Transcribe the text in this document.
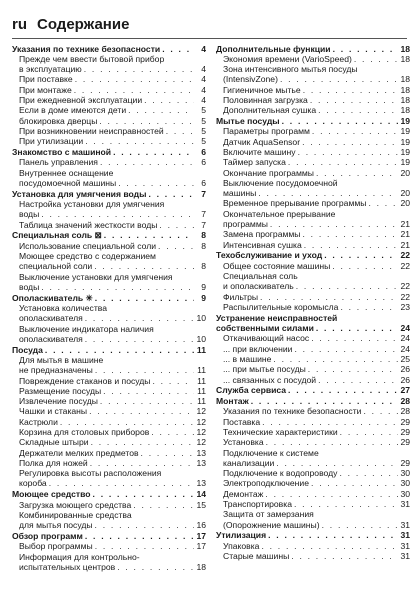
ru Содержание
Указания по технике безопасности . . .	4
Прежде чем ввести бытовой прибор
в эксплуатацию . . .	4
При поставке . . .	4
При монтаже . . .	4
При ежедневной эксплуатации . . .	4
Если в доме имеются дети . . .	5
блокировка дверцы . . .	5
При возникновении неисправностей . . .	5
При утилизации . . .	5
Знакомство с машиной . . .	6
Панель управления . . .	6
Внутреннее оснащение
посудомоечной машины . . .	6
Установка для умягчения воды . . .	7
Настройка установки для умягчения
воды . . .	7
Таблица значений жесткости воды . . .	7
Специальная соль ⊠ . . .	8
Использование специальной соли . . .	8
Моющее средство с содержанием
специальной соли . . .	8
Выключение установки для умягчения
воды . . .	9
Ополаскиватель ✳ . . .	9
Установка количества
ополаскивателя . . .	10
Выключение индикатора наличия
ополаскивателя . . .	10
Посуда . . .	11
Для мытья в машине
не предназначены . . .	11
Повреждение стаканов и посуды . . .	11
Размещение посуды . . .	11
Извлечение посуды . . .	11
Чашки и стаканы . . .	12
Кастрюли . . .	12
Корзина для столовых приборов . . .	12
Складные штыри . . .	12
Держатели мелких предметов . . .	13
Полка для ножей . . .	13
Регулировка высоты расположения
короба . . .	13
Моющее средство . . .	14
Загрузка моющего средства . . .	15
Комбинированные средства
для мытья посуды . . .	16
Обзор программ . . .	17
Выбор программы . . .	17
Информация для контрольно-
испытательных центров . . .	18
Дополнительные функции . . .	18
Экономия времени (VarioSpeed) . . .	18
Зона интенсивного мытья посуды
(IntensivZone) . . .	18
Гигиеничное мытье . . .	18
Половинная загрузка . . .	18
Дополнительная сушка . . .	18
Мытье посуды . . .	19
Параметры программ . . .	19
Датчик AquaSensor . . .	19
Включите машину . . .	19
Таймер запуска . . .	19
Окончание программы . . .	20
Выключение посудомоечной
машины . . .	20
Временное прерывание программы . . .	20
Окончательное прерывание
программы . . .	21
Замена программы . . .	21
Интенсивная сушка . . .	21
Техобслуживание и уход . . .	22
Общее состояние машины . . .	22
Специальная соль
и ополаскиватель . . .	22
Фильтры . . .	22
Распылительные коромысла . . .	23
Устранение неисправностей
собственными силами . . .	24
Откачивающий насос . . .	24
... при включении . . .	24
... в машине . . .	25
... при мытье посуды . . .	26
... связанных с посудой . . .	26
Служба сервиса . . .	27
Монтаж . . .	28
Указания по технике безопасности . . .	28
Поставка . . .	29
Технические характеристики . . .	29
Установка . . .	29
Подключение к системе
канализации . . .	29
Подключение к водопроводу . . .	30
Электроподключение . . .	30
Демонтаж . . .	30
Транспортировка . . .	31
Защита от замерзания
(Опорожнение машины) . . .	31
Утилизация . . .	31
Упаковка . . .	31
Старые машины . . .	31
